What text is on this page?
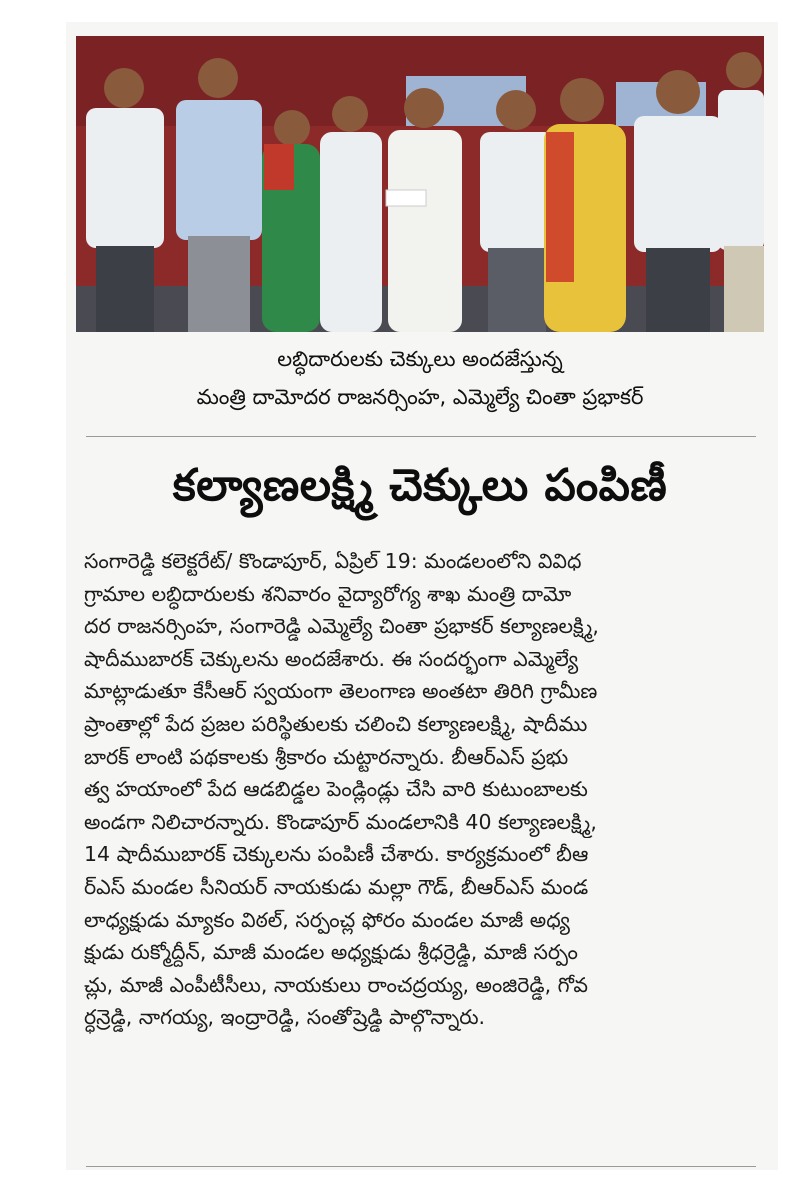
లబ్ధిదారులకు చెక్కులు అందజేస్తున్న
మంత్రి దామోదర రాజనర్సింహ, ఎమ్మెల్యే చింతా ప్రభాకర్
కల్యాణలక్ష్మి చెక్కులు పంపిణీ
సంగారెడ్డి కలెక్టరేట్/ కొండాపూర్, ఏప్రిల్ 19: మండలంలోని వివిధ
గ్రామాల లబ్ధిదారులకు శనివారం వైద్యారోగ్య శాఖ మంత్రి దామో
దర రాజనర్సింహ, సంగారెడ్డి ఎమ్మెల్యే చింతా ప్రభాకర్ కల్యాణలక్ష్మి,
షాదీముబారక్ చెక్కులను అందజేశారు. ఈ సందర్భంగా ఎమ్మెల్యే
మాట్లాడుతూ కేసీఆర్ స్వయంగా తెలంగాణ అంతటా తిరిగి గ్రామీణ
ప్రాంతాల్లో పేద ప్రజల పరిస్థితులకు చలించి కల్యాణలక్ష్మి, షాదీము
బారక్ లాంటి పథకాలకు శ్రీకారం చుట్టారన్నారు. బీఆర్ఎస్ ప్రభు
త్వ హయాంలో పేద ఆడబిడ్డల పెండ్లిండ్లు చేసి వారి కుటుంబాలకు
అండగా నిలిచారన్నారు. కొండాపూర్ మండలానికి 40 కల్యాణలక్ష్మి,
14 షాదీముబారక్ చెక్కులను పంపిణీ చేశారు. కార్యక్రమంలో బీఆ
ర్ఎస్ మండల సీనియర్ నాయకుడు మల్లా గౌడ్, బీఆర్ఎస్ మండ
లాధ్యక్షుడు మ్యాకం విఠల్, సర్పంచ్ల ఫోరం మండల మాజీ అధ్య
క్షుడు రుక్మోద్దీన్, మాజీ మండల అధ్యక్షుడు శ్రీధర్రెడ్డి, మాజీ సర్పం
చ్లు, మాజీ ఎంపీటీసీలు, నాయకులు రాంచద్రయ్య, అంజిరెడ్డి, గోవ
ర్ధన్రెడ్డి, నాగయ్య, ఇంద్రారెడ్డి, సంతోష్రెడ్డి పాల్గొన్నారు.
